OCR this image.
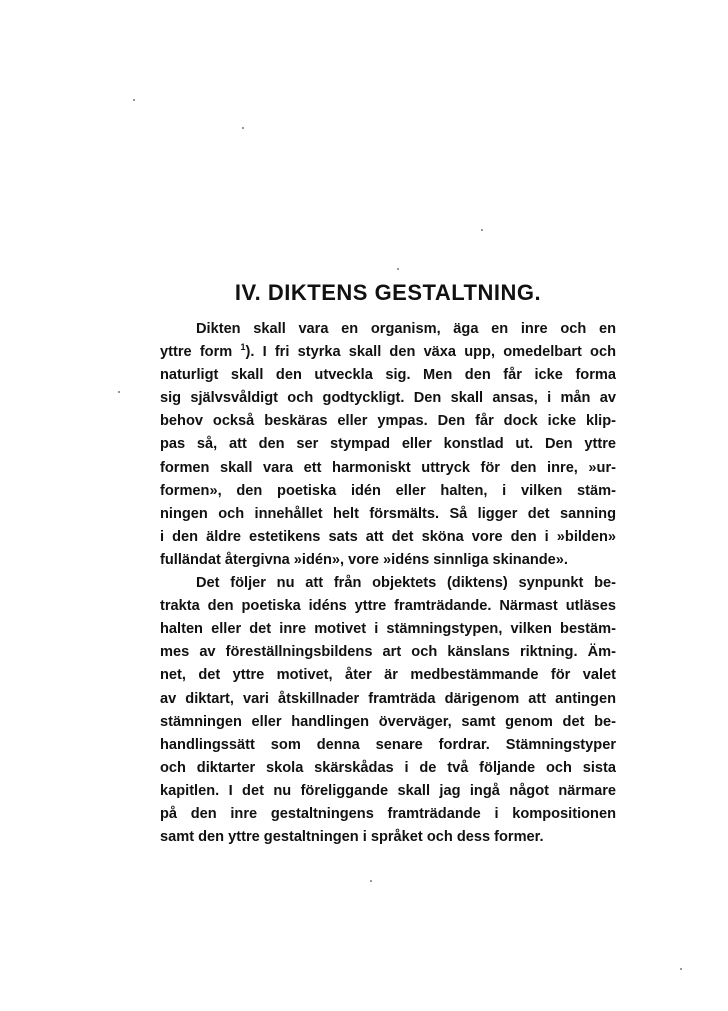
IV. DIKTENS GESTALTNING.
Dikten skall vara en organism, äga en inre och en
yttre form $^1$). I fri styrka skall den växa upp, omedelbart och
naturligt skall den utveckla sig. Men den får icke forma
sig självsvåldigt och godtyckligt. Den skall ansas, i mån av
behov också beskäras eller ympas. Den får dock icke klip-
pas så, att den ser stympad eller konstlad ut. Den yttre
formen skall vara ett harmoniskt uttryck för den inre, »ur-
formen», den poetiska idén eller halten, i vilken stäm-
ningen och innehållet helt försmälts. Så ligger det sanning
i den äldre estetikens sats att det sköna vore den i »bilden»
fulländat återgivna »idén», vore »idéns sinnliga skinande».
Det följer nu att från objektets (diktens) synpunkt be-
trakta den poetiska idéns yttre framträdande. Närmast utläses
halten eller det inre motivet i stämningstypen, vilken bestäm-
mes av föreställningsbildens art och känslans riktning. Äm-
net, det yttre motivet, åter är medbestämmande för valet
av diktart, vari åtskillnader framträda därigenom att antingen
stämningen eller handlingen överväger, samt genom det be-
handlingssätt som denna senare fordrar. Stämningstyper
och diktarter skola skärskådas i de två följande och sista
kapitlen. I det nu föreliggande skall jag ingå något närmare
på den inre gestaltningens framträdande i kompositionen
samt den yttre gestaltningen i språket och dess former.
